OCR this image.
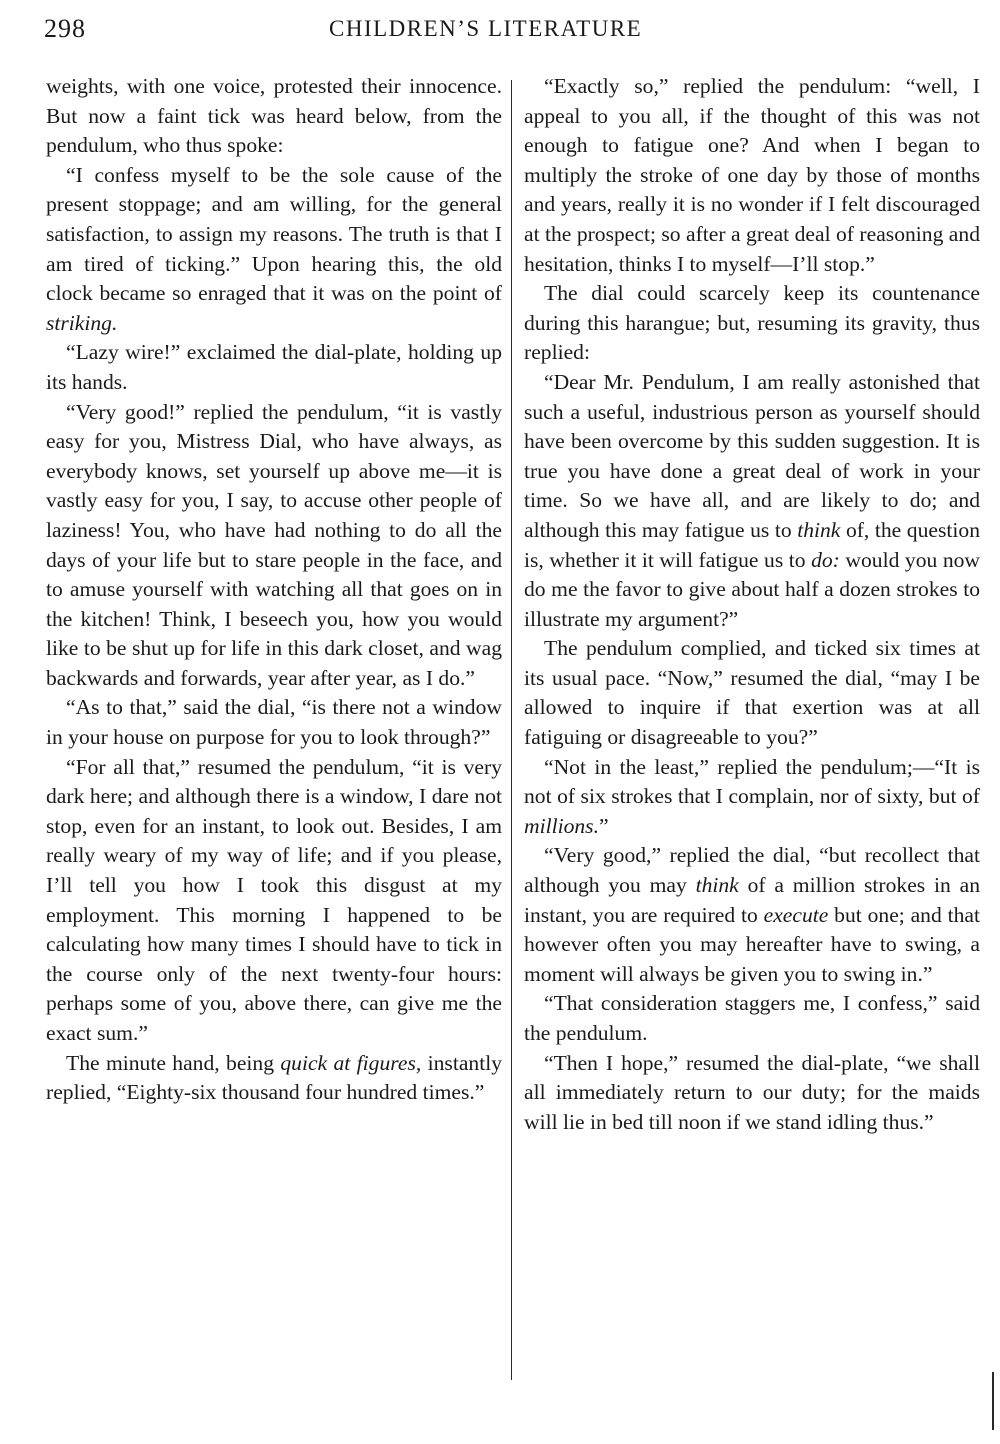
298	CHILDREN’S LITERATURE

weights, with one voice, protested their innocence. But now a faint tick was heard below, from the pendulum, who thus spoke:

“I confess myself to be the sole cause of the present stoppage; and am willing, for the general satisfaction, to assign my reasons. The truth is that I am tired of ticking.” Upon hearing this, the old clock became so enraged that it was on the point of striking.

“Lazy wire!” exclaimed the dial-plate, holding up its hands.

“Very good!” replied the pendulum, “it is vastly easy for you, Mistress Dial, who have always, as everybody knows, set yourself up above me—it is vastly easy for you, I say, to accuse other people of laziness! You, who have had nothing to do all the days of your life but to stare people in the face, and to amuse yourself with watching all that goes on in the kitchen! Think, I beseech you, how you would like to be shut up for life in this dark closet, and wag backwards and forwards, year after year, as I do.”

“As to that,” said the dial, “is there not a window in your house on purpose for you to look through?”

“For all that,” resumed the pendulum, “it is very dark here; and although there is a window, I dare not stop, even for an instant, to look out. Besides, I am really weary of my way of life; and if you please, I’ll tell you how I took this disgust at my employment. This morning I happened to be calculating how many times I should have to tick in the course only of the next twenty-four hours: perhaps some of you, above there, can give me the exact sum.”

The minute hand, being quick at figures, instantly replied, “Eighty-six thousand four hundred times.”

“Exactly so,” replied the pendulum: “well, I appeal to you all, if the thought of this was not enough to fatigue one? And when I began to multiply the stroke of one day by those of months and years, really it is no wonder if I felt discouraged at the prospect; so after a great deal of reasoning and hesitation, thinks I to myself—I’ll stop.”

The dial could scarcely keep its countenance during this harangue; but, resuming its gravity, thus replied:

“Dear Mr. Pendulum, I am really astonished that such a useful, industrious person as yourself should have been overcome by this sudden suggestion. It is true you have done a great deal of work in your time. So we have all, and are likely to do; and although this may fatigue us to think of, the question is, whether it it will fatigue us to do: would you now do me the favor to give about half a dozen strokes to illustrate my argument?”

The pendulum complied, and ticked six times at its usual pace. “Now,” resumed the dial, “may I be allowed to inquire if that exertion was at all fatiguing or disagreeable to you?”

“Not in the least,” replied the pendulum;—“It is not of six strokes that I complain, nor of sixty, but of millions.”

“Very good,” replied the dial, “but recollect that although you may think of a million strokes in an instant, you are required to execute but one; and that however often you may hereafter have to swing, a moment will always be given you to swing in.”

“That consideration staggers me, I confess,” said the pendulum.

“Then I hope,” resumed the dial-plate, “we shall all immediately return to our duty; for the maids will lie in bed till noon if we stand idling thus.”
